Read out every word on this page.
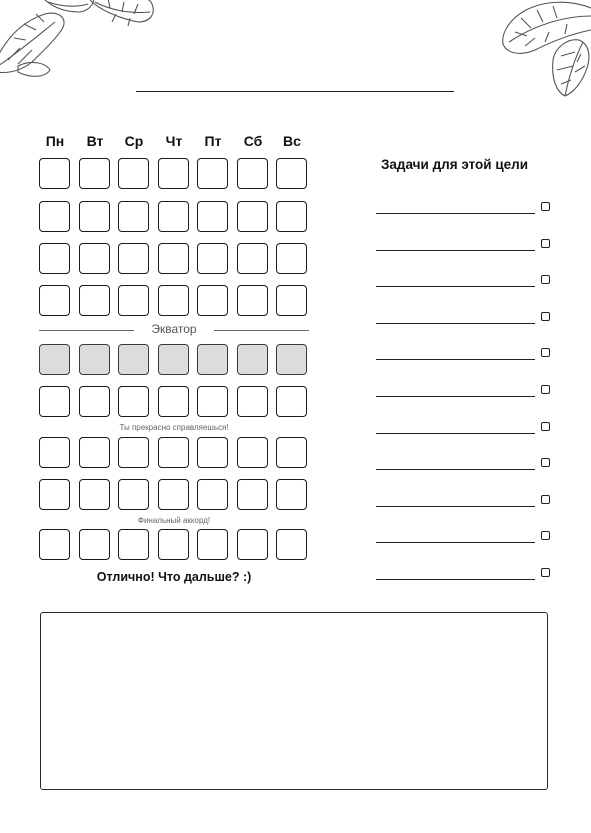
Пн	Вт	Ср	Чт	Пт	Сб	Вс
Экватор
Ты прекрасно справляешься!
Финальный аккорд!
Отлично! Что дальше? :)
Задачи для этой цели
